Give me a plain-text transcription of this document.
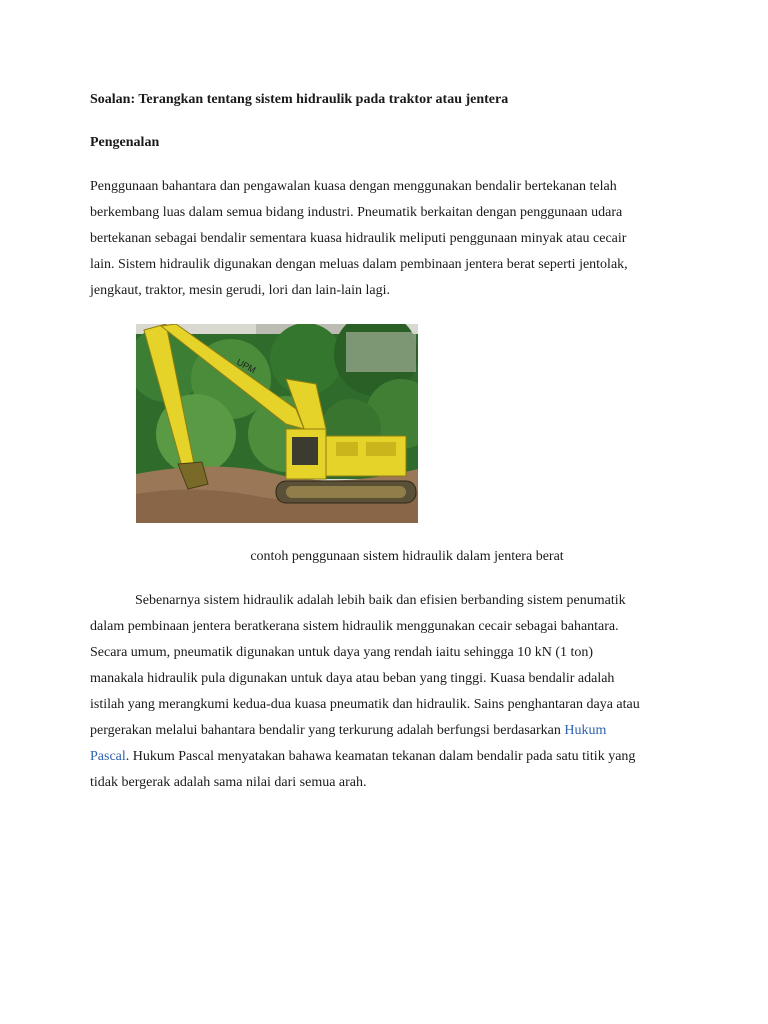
Soalan: Terangkan tentang sistem hidraulik pada traktor atau jentera
Pengenalan
Penggunaan bahantara dan pengawalan kuasa dengan menggunakan bendalir bertekanan telah
berkembang luas dalam semua bidang industri. Pneumatik berkaitan dengan penggunaan udara
bertekanan sebagai bendalir sementara kuasa hidraulik meliputi penggunaan minyak atau cecair
lain. Sistem hidraulik digunakan dengan meluas dalam pembinaan jentera berat seperti jentolak,
jengkaut, traktor, mesin gerudi, lori dan lain-lain lagi.
UPM
contoh penggunaan sistem hidraulik dalam jentera berat
Sebenarnya sistem hidraulik adalah lebih baik dan efisien berbanding sistem penumatik
dalam pembinaan jentera beratkerana sistem hidraulik menggunakan cecair sebagai bahantara.
Secara umum, pneumatik digunakan untuk daya yang rendah iaitu sehingga 10 kN (1 ton)
manakala hidraulik pula digunakan untuk daya atau beban yang tinggi. Kuasa bendalir adalah
istilah yang merangkumi kedua-dua kuasa pneumatik dan hidraulik. Sains penghantaran daya atau
pergerakan melalui bahantara bendalir yang terkurung adalah berfungsi berdasarkan Hukum
Pascal. Hukum Pascal menyatakan bahawa keamatan tekanan dalam bendalir pada satu titik yang
tidak bergerak adalah sama nilai dari semua arah.
